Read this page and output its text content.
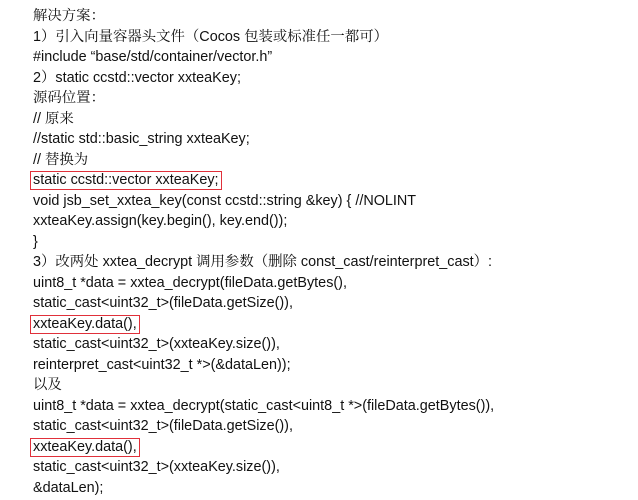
解决方案：
1）引入向量容器头文件（Cocos 包装或标准任一都可）
#include “base/std/container/vector.h”
2）static ccstd::vector xxteaKey;
源码位置：
// 原来
//static std::basic_string xxteaKey;
// 替换为
static ccstd::vector xxteaKey;
void jsb_set_xxtea_key(const ccstd::string &key) { //NOLINT
xxteaKey.assign(key.begin(), key.end());
}
3）改两处 xxtea_decrypt 调用参数（删除 const_cast/reinterpret_cast）:
uint8_t *data = xxtea_decrypt(fileData.getBytes(),
static_cast<uint32_t>(fileData.getSize()),
xxteaKey.data(),
static_cast<uint32_t>(xxteaKey.size()),
reinterpret_cast<uint32_t *>(&dataLen));
以及
uint8_t *data = xxtea_decrypt(static_cast<uint8_t *>(fileData.getBytes()),
static_cast<uint32_t>(fileData.getSize()),
xxteaKey.data(),
static_cast<uint32_t>(xxteaKey.size()),
&dataLen);
